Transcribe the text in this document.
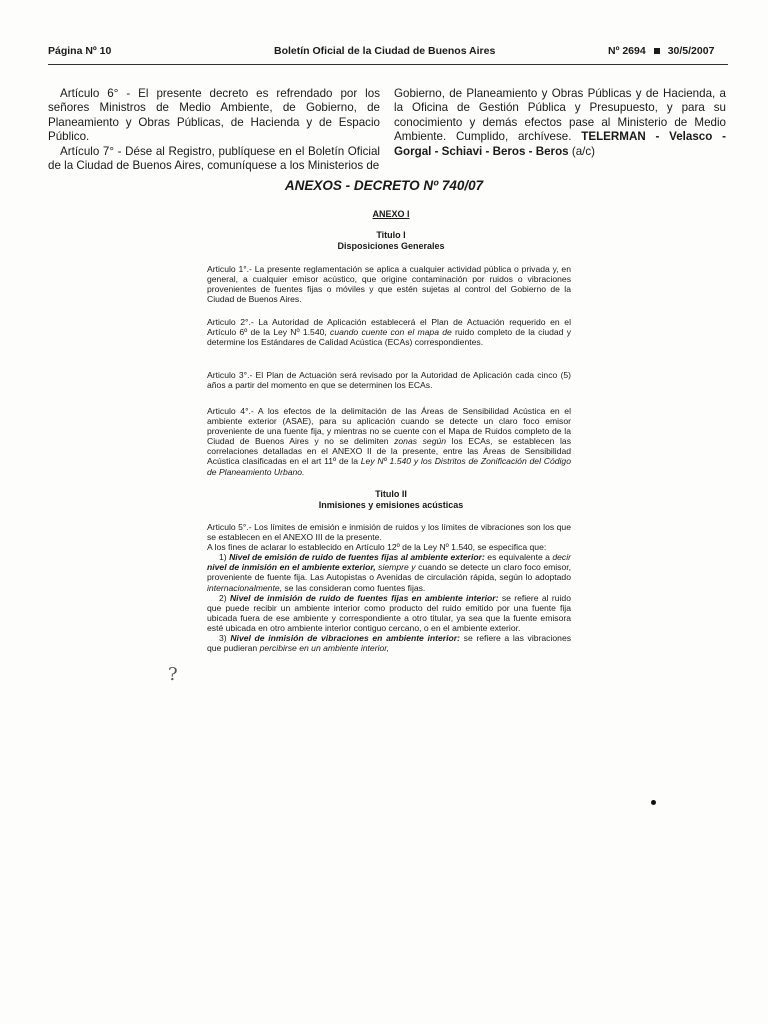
Página Nº 10	Boletín Oficial de la Ciudad de Buenos Aires	Nº 2694 30/5/2007

Artículo 6° - El presente decreto es refrendado por los señores Ministros de Medio Ambiente, de Gobierno, de Planeamiento y Obras Públicas, de Hacienda y de Espacio Público.

Artículo 7° - Dése al Registro, publíquese en el Boletín Oficial de la Ciudad de Buenos Aires, comuníquese a los Ministerios de

Gobierno, de Planeamiento y Obras Públicas y de Hacienda, a la Oficina de Gestión Pública y Presupuesto, y para su conocimiento y demás efectos pase al Ministerio de Medio Ambiente. Cumplido, archívese. TELERMAN - Velasco - Gorgal - Schiavi - Beros - Beros (a/c)

ANEXOS - DECRETO Nº 740/07
ANEXO I
Titulo I
Disposiciones Generales

Articulo 1°.- La presente reglamentación se aplica a cualquier actividad pública o privada y, en general, a cualquier emisor acústico, que origine contaminación por ruidos o vibraciones provenientes de fuentes fijas o móviles y que estén sujetas al control del Gobierno de la Ciudad de Buenos Aires.

Articulo 2°.- La Autoridad de Aplicación establecerá el Plan de Actuación requerido en el Artículo 6º de la Ley Nº 1.540, cuando cuente con el mapa de ruido completo de la ciudad y determine los Estándares de Calidad Acústica (ECAs) correspondientes.

Articulo 3°.- El Plan de Actuación será revisado por la Autoridad de Aplicación cada cinco (5) años a partir del momento en que se determinen los ECAs.

Articulo 4°.- A los efectos de la delimitación de las Áreas de Sensibilidad Acústica en el ambiente exterior (ASAE), para su aplicación cuando se detecte un claro foco emisor proveniente de una fuente fija, y mientras no se cuente con el Mapa de Ruidos completo de la Ciudad de Buenos Aires y no se delimiten zonas según los ECAs, se establecen las correlaciones detalladas en el ANEXO II de la presente, entre las Áreas de Sensibilidad Acústica clasificadas en el art 11º de la Ley Nº 1.540 y los Distritos de Zonificación del Código de Planeamiento Urbano.

Titulo II
Inmisiones y emisiones acústicas

Articulo 5°.- Los límites de emisión e inmisión de ruidos y los límites de vibraciones son los que se establecen en el ANEXO III de la presente.

A los fines de aclarar lo establecido en Artículo 12º de la Ley Nº 1.540, se especifica que:

1) Nivel de emisión de ruido de fuentes fijas al ambiente exterior: es equivalente a decir nivel de inmisión en el ambiente exterior, siempre y cuando se detecte un claro foco emisor, proveniente de fuente fija. Las Autopistas o Avenidas de circulación rápida, según lo adoptado internacionalmente, se las consideran como fuentes fijas.

2) Nivel de inmisión de ruido de fuentes fijas en ambiente interior: se refiere al ruido que puede recibir un ambiente interior como producto del ruido emitido por una fuente fija ubicada fuera de ese ambiente y correspondiente a otro titular, ya sea que la fuente emisora esté ubicada en otro ambiente interior contiguo cercano, o en el ambiente exterior.

3) Nivel de inmisión de vibraciones en ambiente interior: se refiere a las vibraciones que pudieran percibirse en un ambiente interior,

?
